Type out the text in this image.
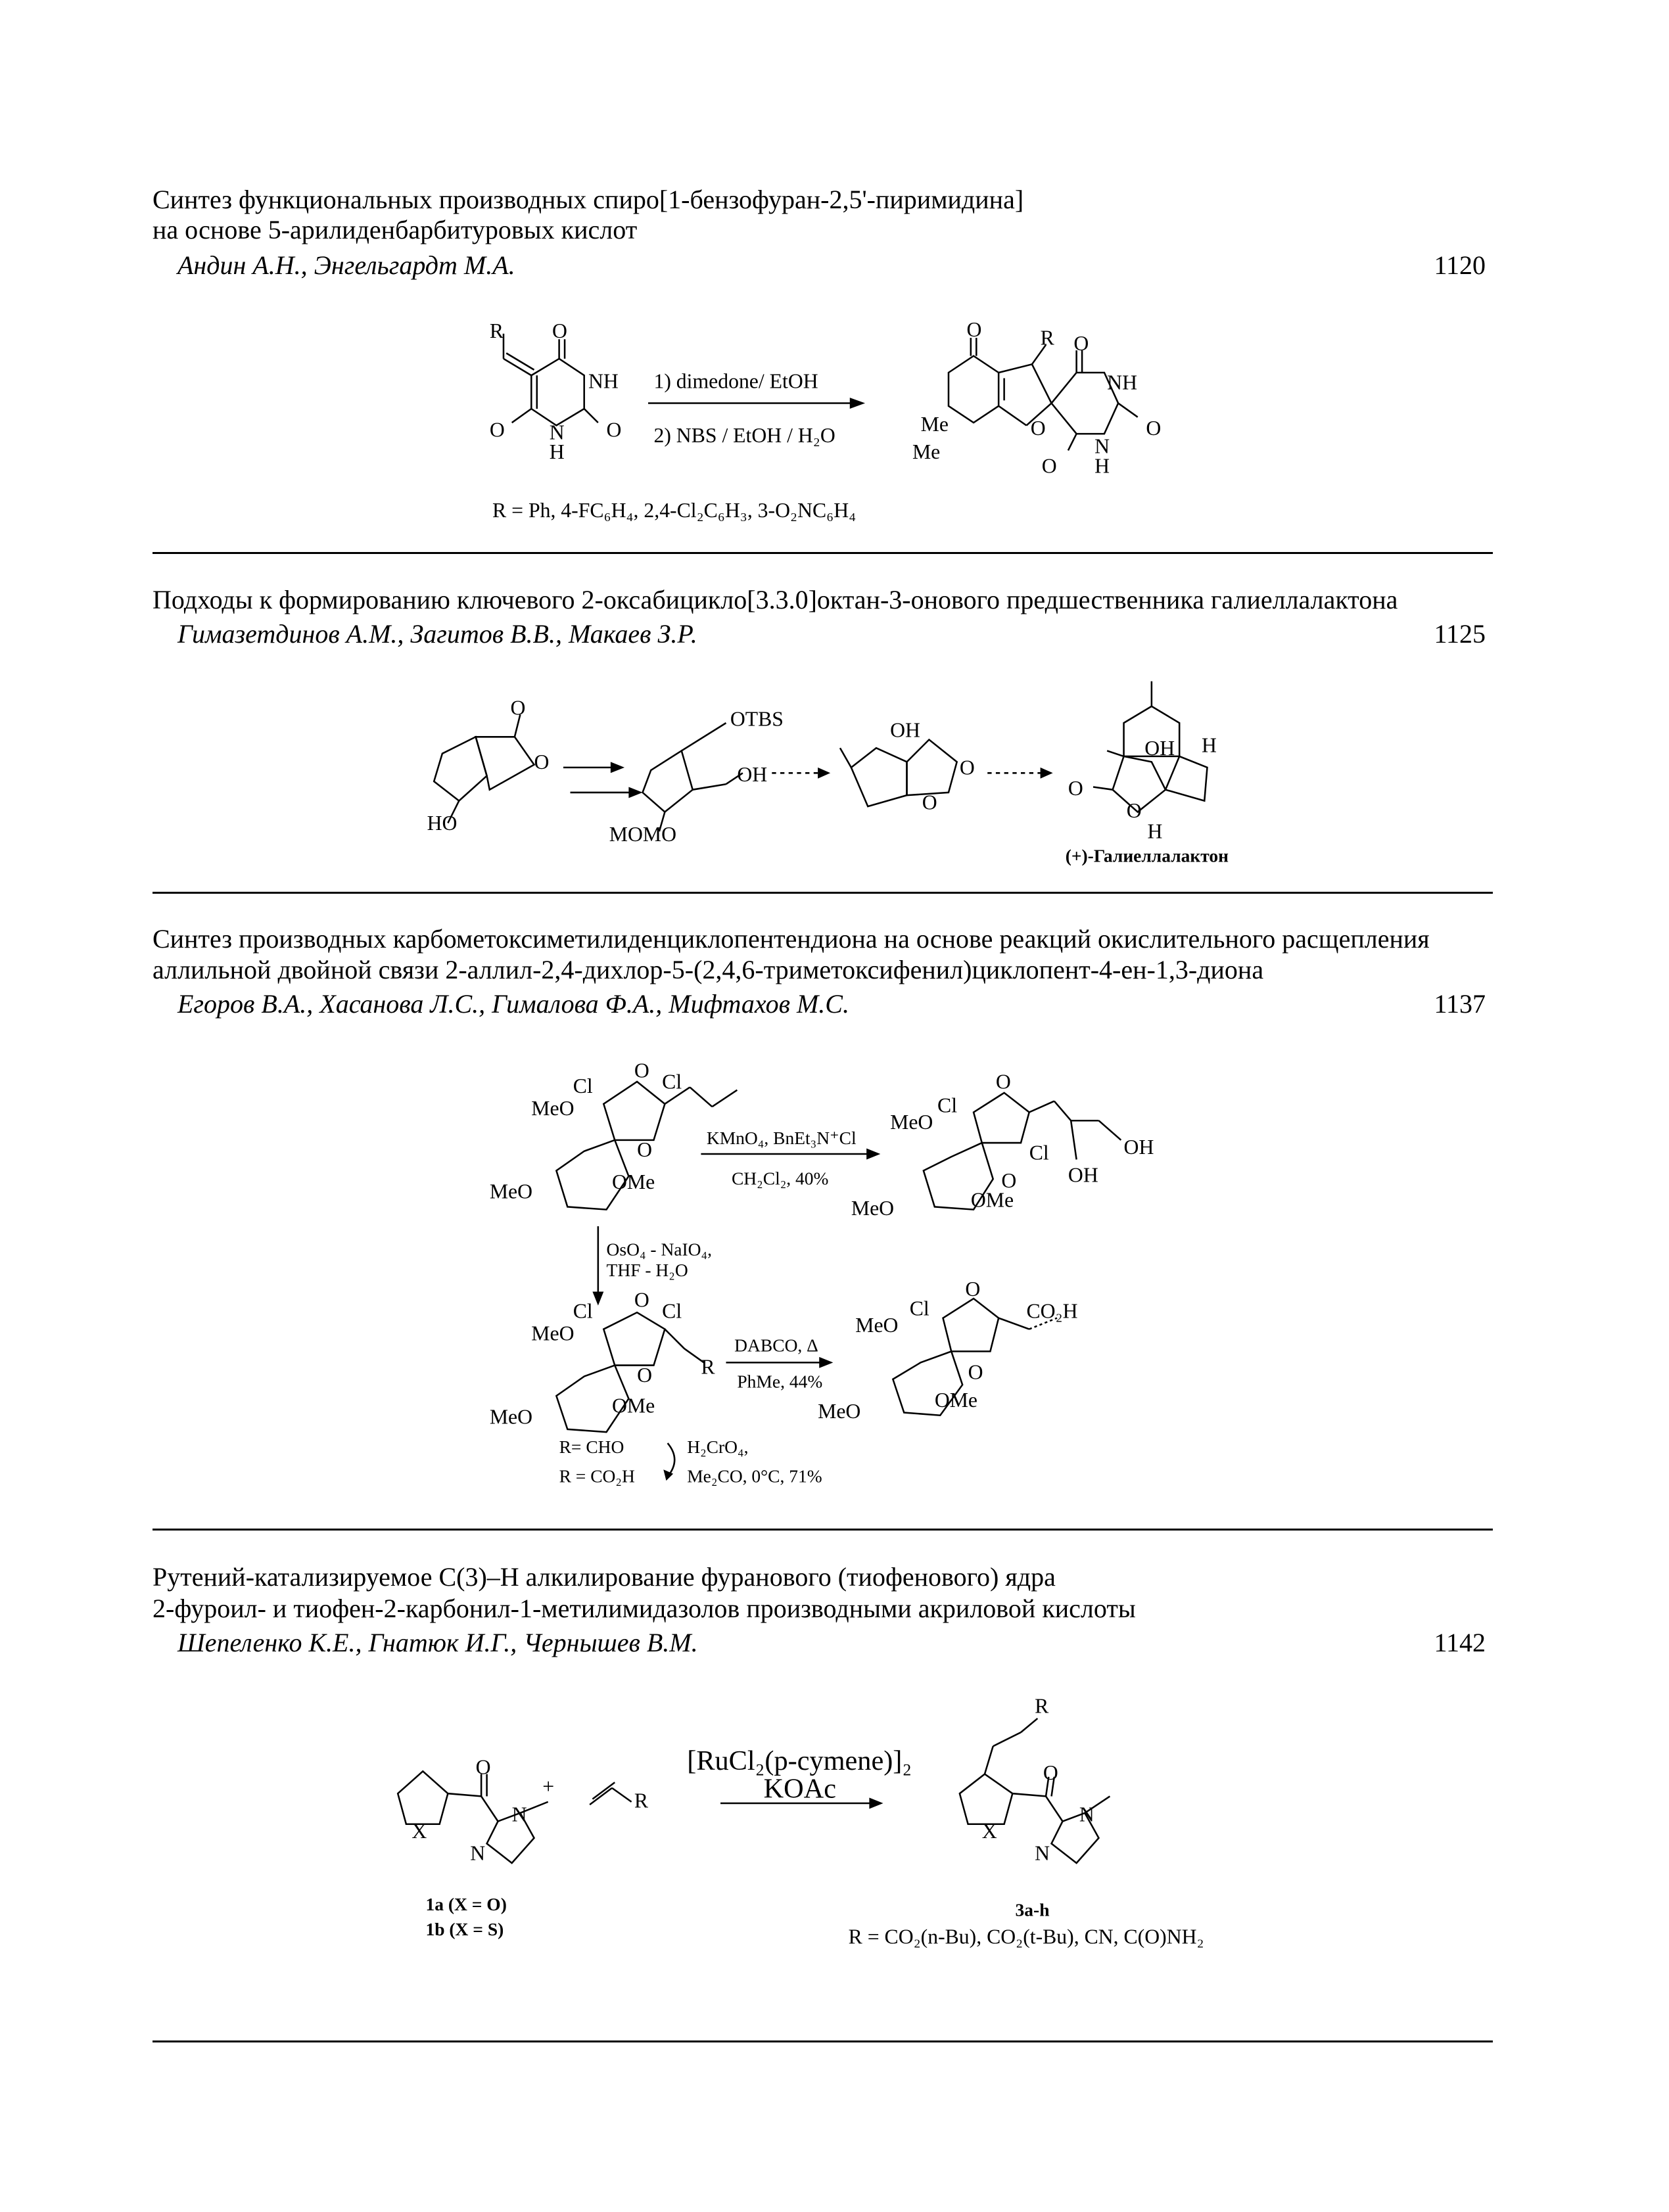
Синтез функциональных производных спиро[1-бензофуран-2,5'-пиримидина]
на основе 5-арилиденбарбитуровых кислот
Андин А.Н., Энгельгардт М.А.	1120
Подходы к формированию ключевого 2-оксабицикло[3.3.0]октан-3-онового предшественника галиеллалактона
Гимазетдинов А.М., Загитов В.В., Макаев З.Р.	1125
Синтез производных карбометоксиметилиденциклопентендиона на основе реакций окислительного расщепления
аллильной двойной связи 2-аллил-2,4-дихлор-5-(2,4,6-триметоксифенил)циклопент-4-ен-1,3-диона
Егоров В.А., Хасанова Л.С., Гималова Ф.А., Мифтахов М.С.	1137
Рутений-катализируемое C(3)–H алкилирование фуранового (тиофенового) ядра
2-фуроил- и тиофен-2-карбонил-1-метилимидазолов производными акриловой кислоты
Шепеленко К.Е., Гнатюк И.Г., Чернышев В.М.	1142
R	O
NH
O	N
H
O
1) dimedone/ EtOH
2) NBS / EtOH / H₂O
O	R O
NH
Me
Me
O	O
N
H
O
R = Ph, 4-FC₆H₄, 2,4-Cl₂C₆H₃, 3-O₂NC₆H₄
O
O
HO
OTBS
OH
MOMO
OH
O
O
OH	H
O
O
H
(+)-Галиеллалактон
Cl
O Cl
MeO
O
MeO	OMe
KMnO₄, BnEt₃N⁺Cl
CH₂Cl₂, 40%
Cl
O
MeO
Cl
O
OH
OH
MeO	OMe
OsO₄ - NaIO₄,
THF - H₂O
Cl	O Cl
MeO
R
O
MeO	OMe
DABCO, Δ
PhMe, 44%
Cl
O
CO₂H
MeO
O
MeO	OMe
R= CHO
R = CO₂H
H₂CrO₄,
Me₂CO, 0°C, 71%
O
X
N
N
+
R
[RuCl₂(p-cymene)]₂
KOAc
1a (X = O)
1b (X = S)
R
O
X
N
N
3a-h
R = CO₂(n-Bu), CO₂(t-Bu), CN, C(O)NH₂
